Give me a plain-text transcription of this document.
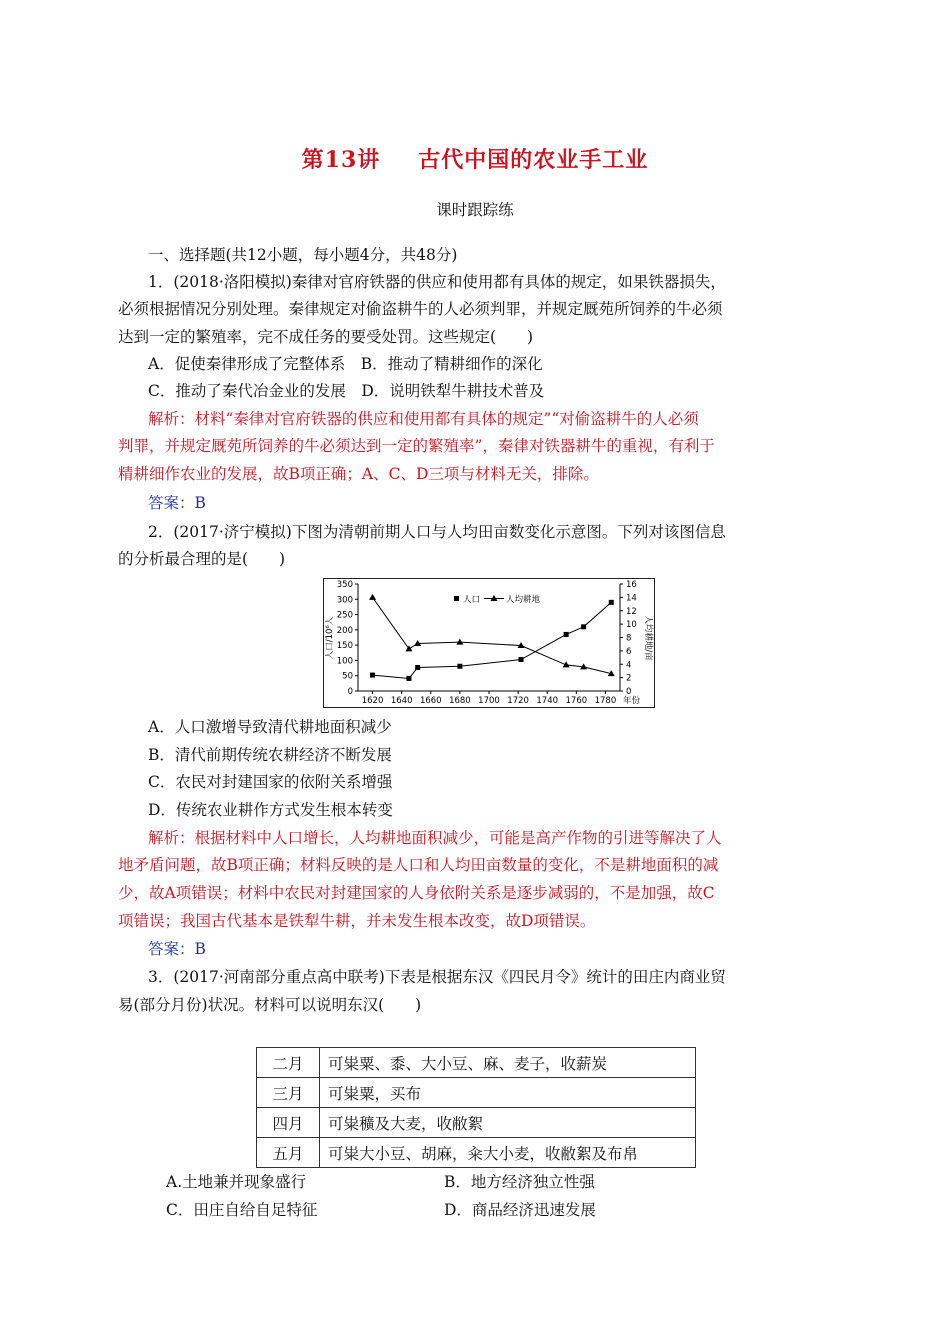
第13讲 古代中国的农业手工业
课时跟踪练
一、选择题(共12小题，每小题4分，共48分)
1．(2018·洛阳模拟)秦律对官府铁器的供应和使用都有具体的规定，如果铁器损失，
必须根据情况分别处理。秦律规定对偷盗耕牛的人必须判罪，并规定厩苑所饲养的牛必须
达到一定的繁殖率，完不成任务的要受处罚。这些规定(　　)
A．促使秦律形成了完整体系　B．推动了精耕细作的深化
C．推动了秦代冶金业的发展　D．说明铁犁牛耕技术普及
解析：材料“秦律对官府铁器的供应和使用都有具体的规定”“对偷盗耕牛的人必须
判罪，并规定厩苑所饲养的牛必须达到一定的繁殖率”，秦律对铁器耕牛的重视，有利于
精耕细作农业的发展，故B项正确；A、C、D三项与材料无关，排除。
答案：B
2．(2017·济宁模拟)下图为清朝前期人口与人均田亩数变化示意图。下列对该图信息
的分析最合理的是(　　)
1620 1640 1660 1680 1700 1720 1740 1760 1780 年份
0
50
100
150
200
250
300
350
0
2
4
6
8
10
12
14
16
人口/10⁶人	人均耕地/亩
人口	人均耕地
A．人口激增导致清代耕地面积减少
B．清代前期传统农耕经济不断发展
C．农民对封建国家的依附关系增强
D．传统农业耕作方式发生根本转变
解析：根据材料中人口增长，人均耕地面积减少，可能是高产作物的引进等解决了人
地矛盾问题，故B项正确；材料反映的是人口和人均田亩数量的变化，不是耕地面积的减
少，故A项错误；材料中农民对封建国家的人身依附关系是逐步减弱的，不是加强，故C
项错误；我国古代基本是铁犁牛耕，并未发生根本改变，故D项错误。
答案：B
3．(2017·河南部分重点高中联考)下表是根据东汉《四民月令》统计的田庄内商业贸
易(部分月份)状况。材料可以说明东汉(　　)
二月	可粜粟、黍、大小豆、麻、麦子，收薪炭
三月	可粜粟，买布
四月	可粜穬及大麦，收敝絮
五月	可粜大小豆、胡麻，籴大小麦，收敝絮及布帛
A.土地兼并现象盛行	B．地方经济独立性强
C．田庄自给自足特征	D．商品经济迅速发展
